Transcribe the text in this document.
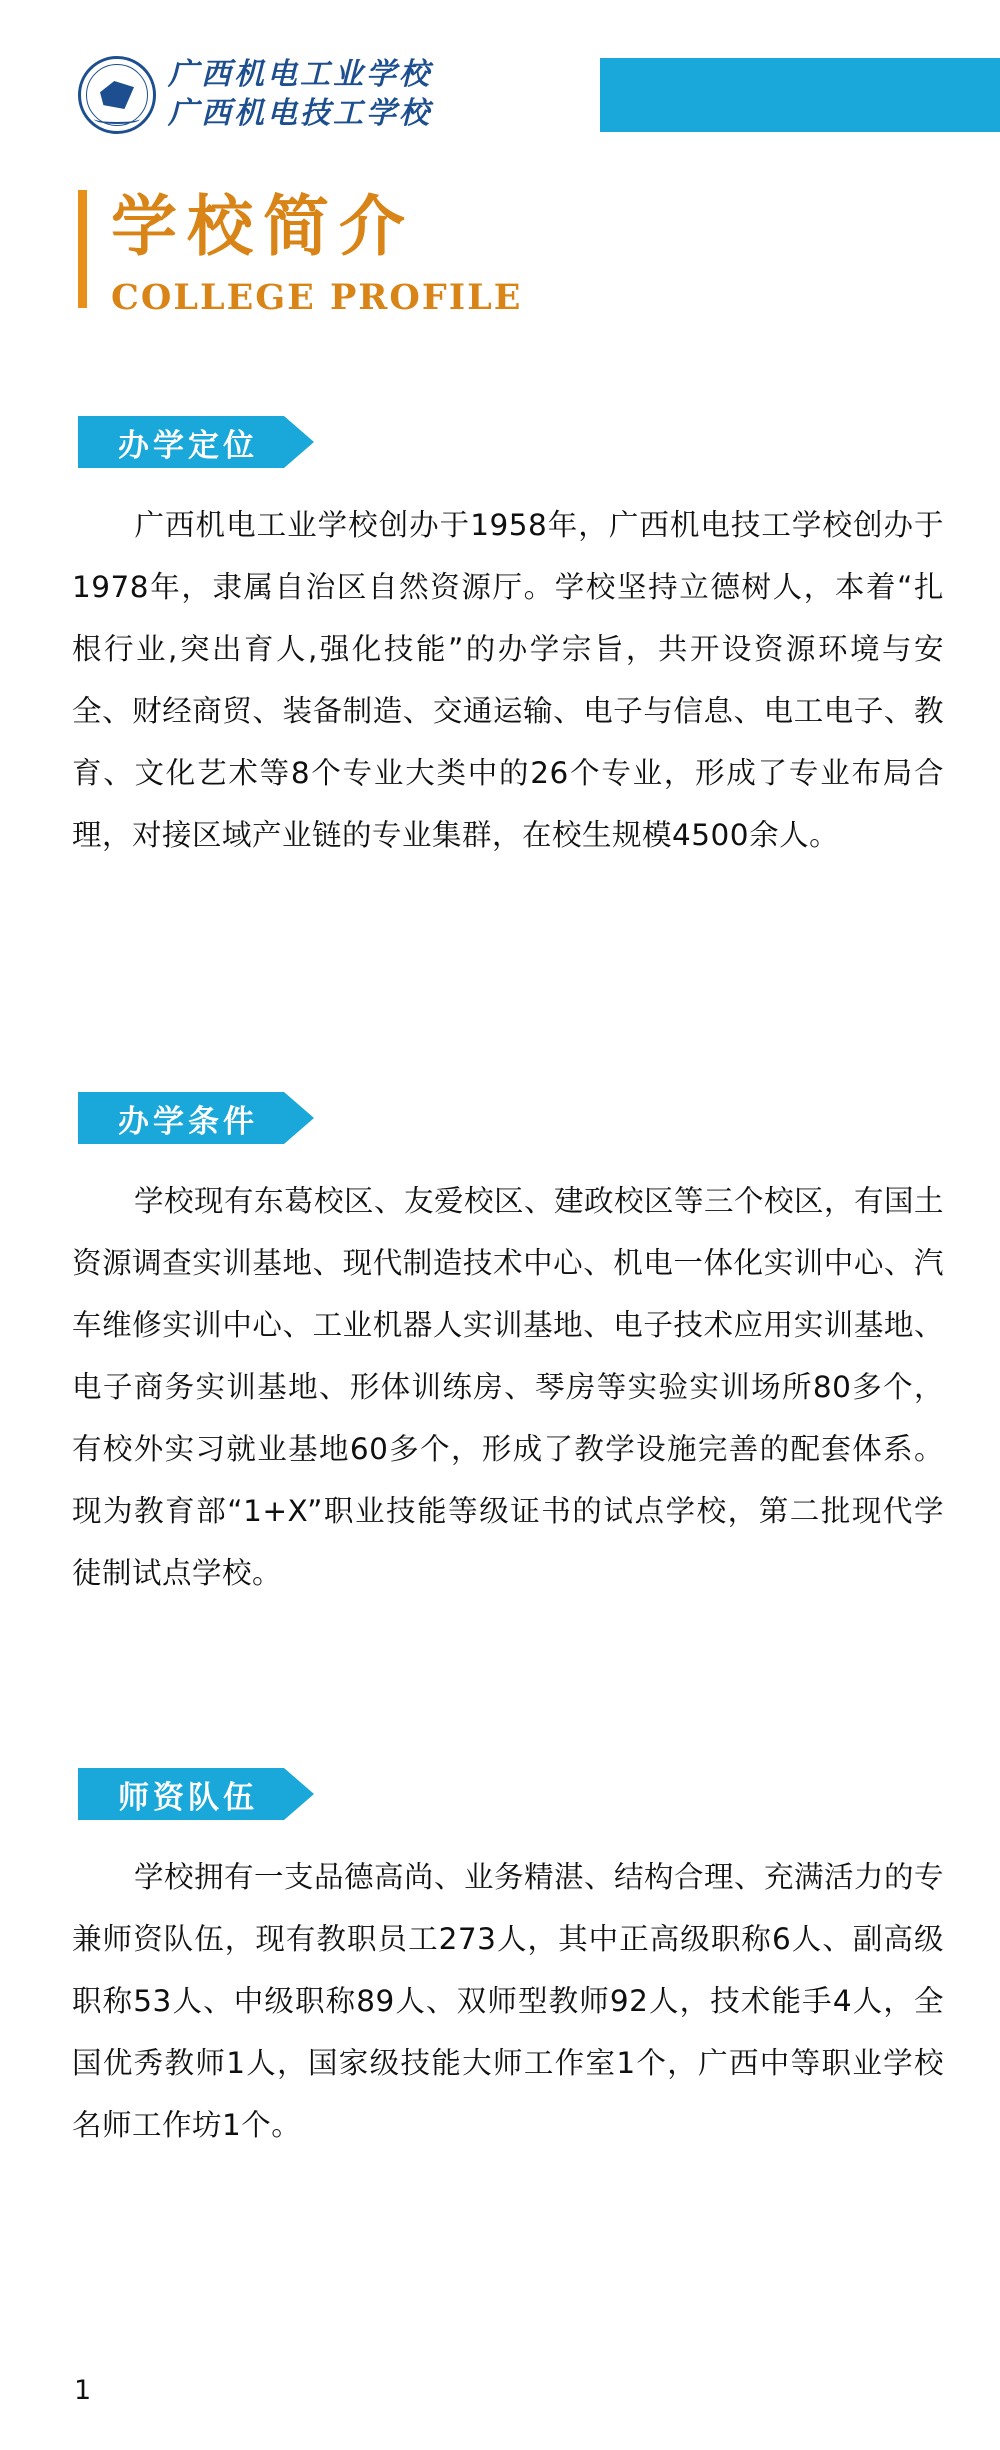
广西机电工业学校
广西机电技工学校
学校简介
COLLEGE PROFILE
办学定位
广西机电工业学校创办于1958年，广西机电技工学校创办于1978年，隶属自治区自然资源厅。学校坚持立德树人，本着“扎根行业,突出育人,强化技能”的办学宗旨，共开设资源环境与安全、财经商贸、装备制造、交通运输、电子与信息、电工电子、教育、文化艺术等8个专业大类中的26个专业，形成了专业布局合理，对接区域产业链的专业集群，在校生规模4500余人。
办学条件
学校现有东葛校区、友爱校区、建政校区等三个校区，有国土资源调查实训基地、现代制造技术中心、机电一体化实训中心、汽车维修实训中心、工业机器人实训基地、电子技术应用实训基地、电子商务实训基地、形体训练房、琴房等实验实训场所80多个，有校外实习就业基地60多个，形成了教学设施完善的配套体系。现为教育部“1+X”职业技能等级证书的试点学校，第二批现代学徒制试点学校。
师资队伍
学校拥有一支品德高尚、业务精湛、结构合理、充满活力的专兼师资队伍，现有教职员工273人，其中正高级职称6人、副高级职称53人、中级职称89人、双师型教师92人，技术能手4人，全国优秀教师1人，国家级技能大师工作室1个，广西中等职业学校名师工作坊1个。
1
